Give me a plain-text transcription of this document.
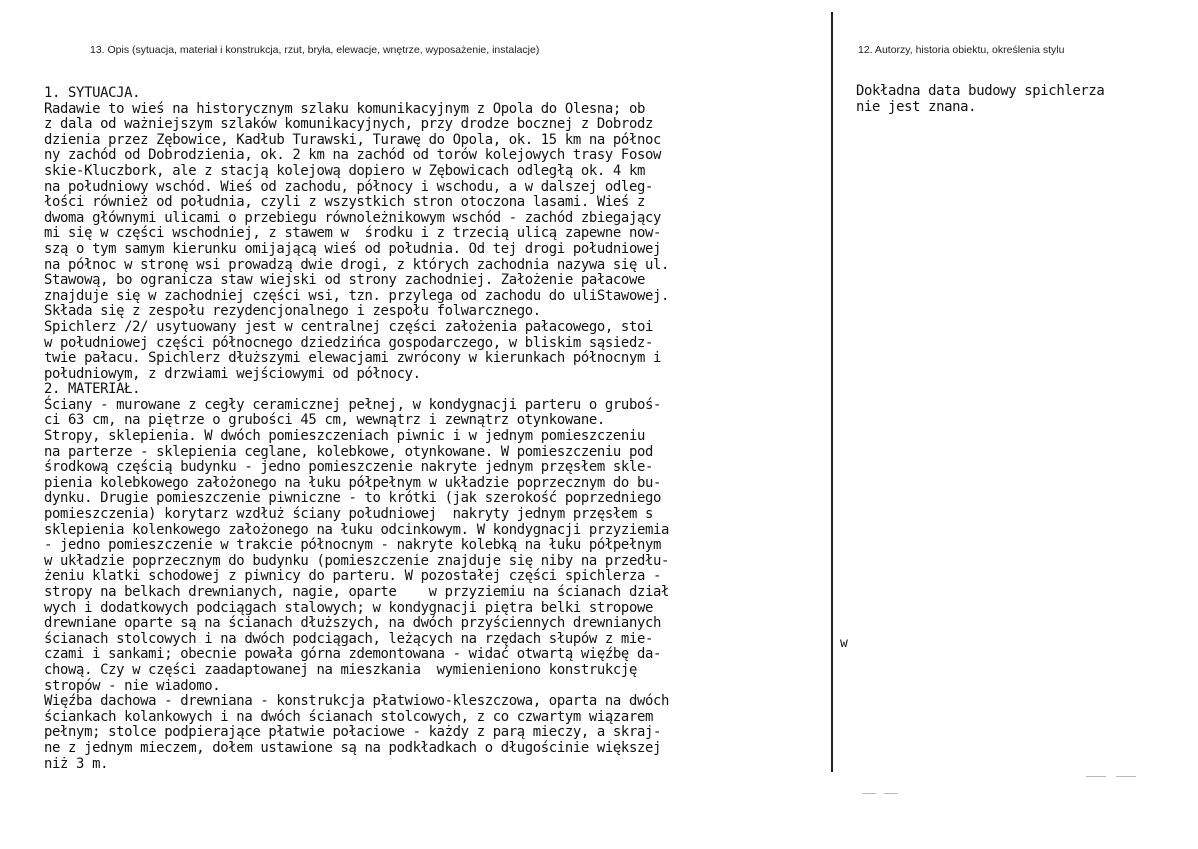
13. Opis (sytuacja, materiał i konstrukcja, rzut, bryła, elewacje, wnętrze, wyposażenie, instalacje)	12. Autorzy, historia obiektu, określenia stylu
1. SYTUACJA.
Radawie to wieś na historycznym szlaku komunikacyjnym z Opola do Olesna; ob
z dala od ważniejszym szlaków komunikacyjnych, przy drodze bocznej z Dobrodz
dzienia przez Zębowice, Kadłub Turawski, Turawę do Opola, ok. 15 km na północ
ny zachód od Dobrodzienia, ok. 2 km na zachód od torów kolejowych trasy Fosow
skie-Kluczbork, ale z stacją kolejową dopiero w Zębowicach odległą ok. 4 km
na południowy wschód. Wieś od zachodu, północy i wschodu, a w dalszej odleg-
łości również od południa, czyli z wszystkich stron otoczona lasami. Wieś z
dwoma głównymi ulicami o przebiegu równoleżnikowym wschód - zachód zbiegający
mi się w części wschodniej, z stawem w  środku i z trzecią ulicą zapewne now-
szą o tym samym kierunku omijającą wieś od południa. Od tej drogi południowej
na północ w stronę wsi prowadzą dwie drogi, z których zachodnia nazywa się ul.
Stawową, bo ogranicza staw wiejski od strony zachodniej. Założenie pałacowe
znajduje się w zachodniej części wsi, tzn. przylega od zachodu do uliStawowej.
Składa się z zespołu rezydencjonalnego i zespołu folwarcznego.
Spichlerz /2/ usytuowany jest w centralnej części założenia pałacowego, stoi
w południowej części północnego dziedzińca gospodarczego, w bliskim sąsiedz-
twie pałacu. Spichlerz dłuższymi elewacjami zwrócony w kierunkach północnym i
południowym, z drzwiami wejściowymi od północy.
2. MATERIAŁ.
Ściany - murowane z cegły ceramicznej pełnej, w kondygnacji parteru o gruboś-
ci 63 cm, na piętrze o grubości 45 cm, wewnątrz i zewnątrz otynkowane.
Stropy, sklepienia. W dwóch pomieszczeniach piwnic i w jednym pomieszczeniu
na parterze - sklepienia ceglane, kolebkowe, otynkowane. W pomieszczeniu pod
środkową częścią budynku - jedno pomieszczenie nakryte jednym przęsłem skle-
pienia kolebkowego założonego na łuku półpełnym w układzie poprzecznym do bu-
dynku. Drugie pomieszczenie piwniczne - to krótki (jak szerokość poprzedniego
pomieszczenia) korytarz wzdłuż ściany południowej  nakryty jednym przęsłem s
sklepienia kolenkowego założonego na łuku odcinkowym. W kondygnacji przyziemia
- jedno pomieszczenie w trakcie północnym - nakryte kolebką na łuku półpełnym
w układzie poprzecznym do budynku (pomieszczenie znajduje się niby na przedłu-
żeniu klatki schodowej z piwnicy do parteru. W pozostałej części spichlerza -
stropy na belkach drewnianych, nagie, oparte    w przyziemiu na ścianach dział
wych i dodatkowych podciągach stalowych; w kondygnacji piętra belki stropowe
drewniane oparte są na ścianach dłuższych, na dwóch przyściennych drewnianych
ścianach stolcowych i na dwóch podciągach, leżących na rzędach słupów z mie-
czami i sankami; obecnie powała górna zdemontowana - widać otwartą więźbę da-
chową. Czy w części zaadaptowanej na mieszkania  wymienieniono konstrukcję
stropów - nie wiadomo.
Więźba dachowa - drewniana - konstrukcja płatwiowo-kleszczowa, oparta na dwóch
ściankach kolankowych i na dwóch ścianach stolcowych, z co czwartym wiązarem
pełnym; stolce podpierające płatwie połaciowe - każdy z parą mieczy, a skraj-
ne z jednym mieczem, dołem ustawione są na podkładkach o długościnie większej
niż 3 m.
Dokładna data budowy spichlerza
nie jest znana.
w
